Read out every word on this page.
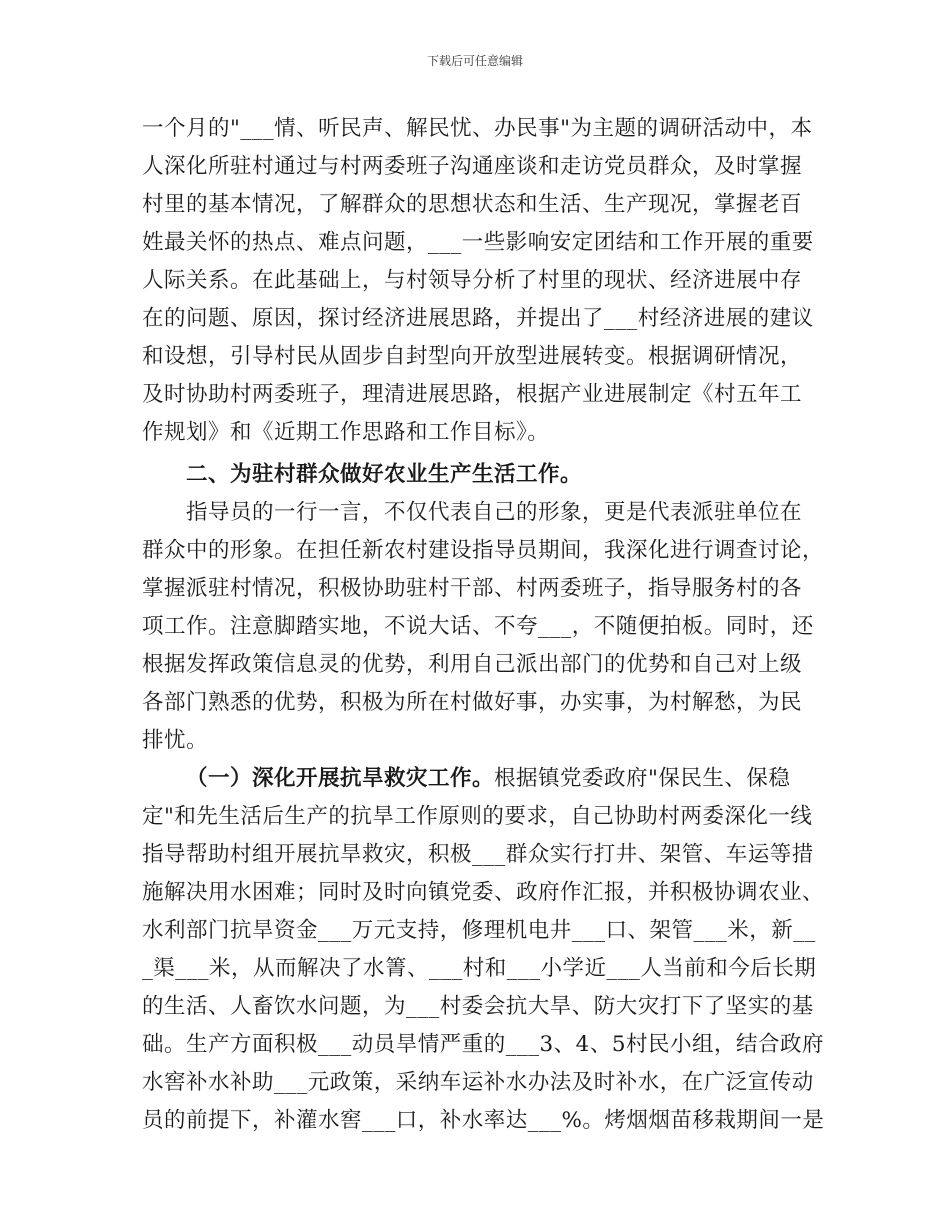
下载后可任意编辑
一个月的"___情、听民声、解民忧、办民事"为主题的调研活动中，本
人深化所驻村通过与村两委班子沟通座谈和走访党员群众，及时掌握
村里的基本情况，了解群众的思想状态和生活、生产现况，掌握老百
姓最关怀的热点、难点问题，___一些影响安定团结和工作开展的重要
人际关系。在此基础上，与村领导分析了村里的现状、经济进展中存
在的问题、原因，探讨经济进展思路，并提出了___村经济进展的建议
和设想，引导村民从固步自封型向开放型进展转变。根据调研情况，
及时协助村两委班子，理清进展思路，根据产业进展制定《村五年工
作规划》和《近期工作思路和工作目标》。
二、为驻村群众做好农业生产生活工作。
指导员的一行一言，不仅代表自己的形象，更是代表派驻单位在
群众中的形象。在担任新农村建设指导员期间，我深化进行调查讨论，
掌握派驻村情况，积极协助驻村干部、村两委班子，指导服务村的各
项工作。注意脚踏实地，不说大话、不夸___，不随便拍板。同时，还
根据发挥政策信息灵的优势，利用自己派出部门的优势和自己对上级
各部门熟悉的优势，积极为所在村做好事，办实事，为村解愁，为民
排忧。
（一）深化开展抗旱救灾工作。根据镇党委政府"保民生、保稳
定"和先生活后生产的抗旱工作原则的要求，自己协助村两委深化一线
指导帮助村组开展抗旱救灾，积极___群众实行打井、架管、车运等措
施解决用水困难；同时及时向镇党委、政府作汇报，并积极协调农业、
水利部门抗旱资金___万元支持，修理机电井___口、架管___米，新__
_渠___米，从而解决了水箐、___村和___小学近___人当前和今后长期
的生活、人畜饮水问题，为___村委会抗大旱、防大灾打下了坚实的基
础。生产方面积极___动员旱情严重的___3、4、5村民小组，结合政府
水窖补水补助___元政策，采纳车运补水办法及时补水，在广泛宣传动
员的前提下，补灌水窖___口，补水率达___%。烤烟烟苗移栽期间一是
